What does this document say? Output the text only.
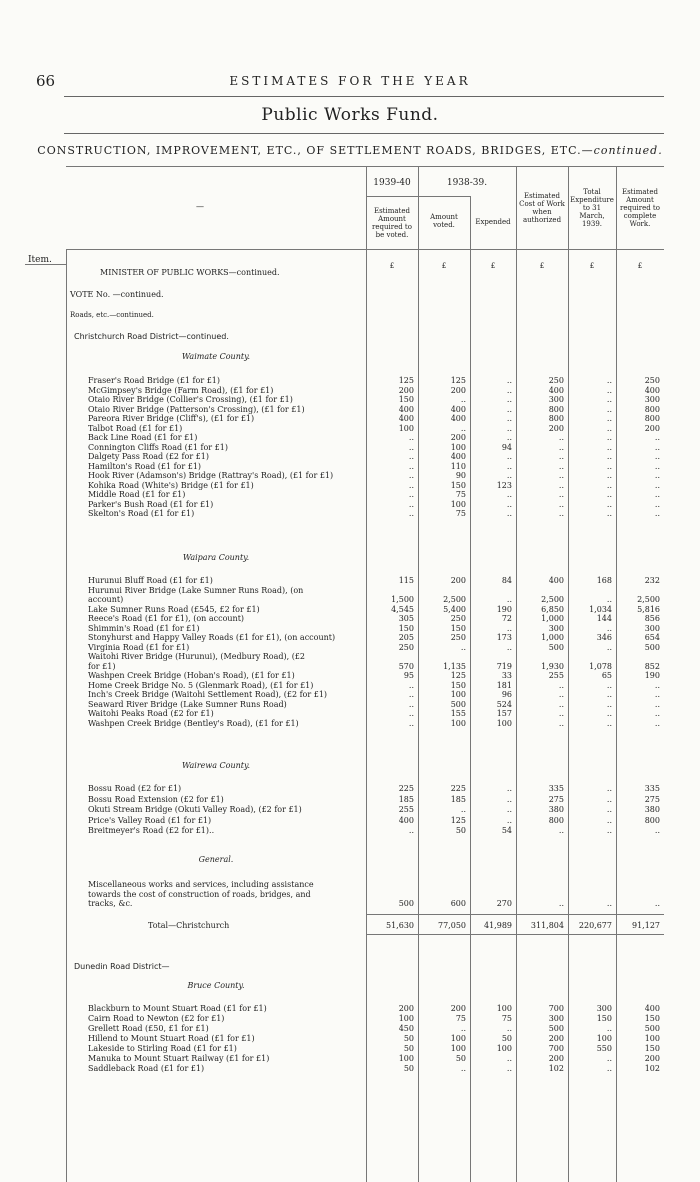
66	ESTIMATES FOR THE YEAR
Public Works Fund.
CONSTRUCTION, IMPROVEMENT, ETC., OF SETTLEMENT ROADS, BRIDGES, ETC.—continued.
—
1939-40	1938-39.
Estimated Amount required to be voted.
Amount voted.	Expended
Estimated Cost of Work when authorized
Total Expenditure to 31 March, 1939.
Estimated Amount required to complete Work.
Item.
£	£	£	£	£	£
MINISTER OF PUBLIC WORKS—continued.
VOTE No. —continued.
Roads, etc.—continued.
Christchurch Road District—continued.
Waimate County.
Fraser's Road Bridge (£1 for £1)	125	125	..	250	..	250
McGimpsey's Bridge (Farm Road), (£1 for £1)	200	200	..	400	..	400
Otaio River Bridge (Collier's Crossing), (£1 for £1)	150	..	..	300	..	300
Otaio River Bridge (Patterson's Crossing), (£1 for £1)	400	400	..	800	..	800
Pareora River Bridge (Cliff's), (£1 for £1)	400	400	..	800	..	800
Talbot Road (£1 for £1)	100	..	..	200	..	200
Back Line Road (£1 for £1)	..	200	..	..	..	..
Connington Cliffs Road (£1 for £1)	..	100	94	..	..	..
Dalgety Pass Road (£2 for £1)	..	400	..	..	..	..
Hamilton's Road (£1 for £1)	..	110	..	..	..	..
Hook River (Adamson's) Bridge (Rattray's Road), (£1 for £1)	..	90	..	..	..	..
Kohika Road (White's) Bridge (£1 for £1)	..	150	123	..	..	..
Middle Road (£1 for £1)	..	75	..	..	..	..
Parker's Bush Road (£1 for £1)	..	100	..	..	..	..
Skelton's Road (£1 for £1)	..	75	..	..	..	..
Waipara County.
Hurunui Bluff Road (£1 for £1)	115	200	84	400	168	232
Hurunui River Bridge (Lake Sumner Runs Road), (on
account)	1,500	2,500	..	2,500	..	2,500
Lake Sumner Runs Road (£545, £2 for £1)	4,545	5,400	190	6,850	1,034	5,816
Reece's Road (£1 for £1), (on account)	305	250	72	1,000	144	856
Shimmin's Road (£1 for £1)	150	150	..	300	..	300
Stonyhurst and Happy Valley Roads (£1 for £1), (on account)	205	250	173	1,000	346	654
Virginia Road (£1 for £1)	250	..	..	500	..	500
Waitohi River Bridge (Hurunui), (Medbury Road), (£2
for £1)	570	1,135	719	1,930	1,078	852
Washpen Creek Bridge (Hoban's Road), (£1 for £1)	95	125	33	255	65	190
Home Creek Bridge No. 5 (Glenmark Road), (£1 for £1)	..	150	181	..	..	..
Inch's Creek Bridge (Waitohi Settlement Road), (£2 for £1)	..	100	96	..	..	..
Seaward River Bridge (Lake Sumner Runs Road)	..	500	524	..	..	..
Waitohi Peaks Road (£2 for £1)	..	155	157	..	..	..
Washpen Creek Bridge (Bentley's Road), (£1 for £1)	..	100	100	..	..	..
Wairewa County.
Bossu Road (£2 for £1)	225	225	..	335	..	335
Bossu Road Extension (£2 for £1)	185	185	..	275	..	275
Okuti Stream Bridge (Okuti Valley Road), (£2 for £1)	255	..	..	380	..	380
Price's Valley Road (£1 for £1)	400	125	..	800	..	800
Breitmeyer's Road (£2 for £1)..	..	50	54	..	..	..
General.
Miscellaneous works and services, including assistance
towards the cost of construction of roads, bridges, and
tracks, &c.	500	600	270	..	..	..
Total—Christchurch	51,630	77,050 41,989 311,804 220,677	91,127
Dunedin Road District—
Bruce County.
Blackburn to Mount Stuart Road (£1 for £1)	200	200	100	700	300	400
Cairn Road to Newton (£2 for £1)	100	75	75	300	150	150
Grellett Road (£50, £1 for £1)	450	..	..	500	..	500
Hillend to Mount Stuart Road (£1 for £1)	50	100	50	200	100	100
Lakeside to Stirling Road (£1 for £1)	50	100	100	700	550	150
Manuka to Mount Stuart Railway (£1 for £1)	100	50	..	200	..	200
Saddleback Road (£1 for £1)	50	..	..	102	..	102
